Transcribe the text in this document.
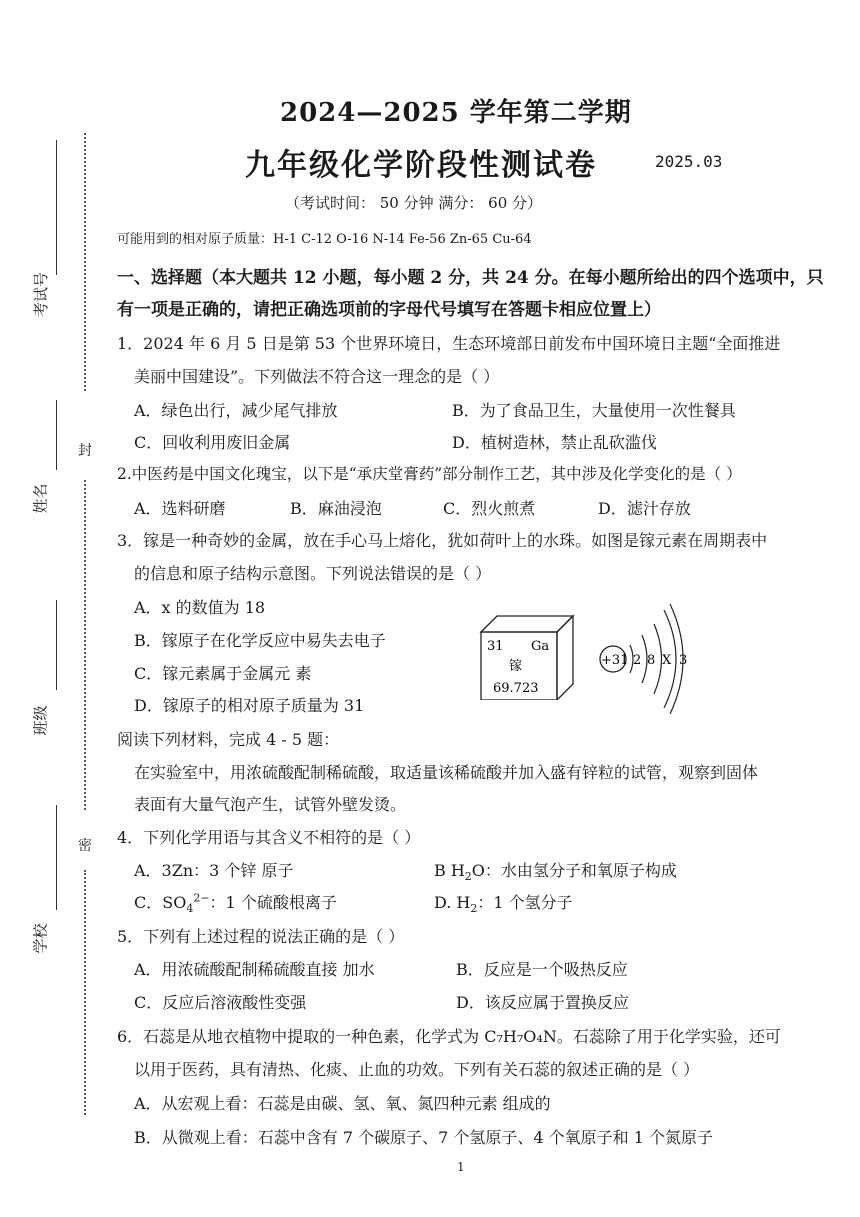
考试号
姓名
班级
学校
封
密
2024—2025 学年第二学期
九年级化学阶段性测试卷	2025.03
（考试时间： 50 分钟 满分： 60 分）
可能用到的相对原子质量：H-1 C-12 O-16 N-14 Fe-56 Zn-65 Cu-64
一、选择题（本大题共 12 小题，每小题 2 分，共 24 分。在每小题所给出的四个选项中，只
有一项是正确的，请把正确选项前的字母代号填写在答题卡相应位置上）
1．2024 年 6 月 5 日是第 53 个世界环境日，生态环境部日前发布中国环境日主题“全面推进
美丽中国建设”。下列做法不符合这一理念的是（ ）
A．绿色出行，减少尾气排放	B．为了食品卫生，大量使用一次性餐具
C．回收利用废旧金属	D．植树造林，禁止乱砍滥伐
2.中医药是中国文化瑰宝，以下是“承庆堂膏药”部分制作工艺，其中涉及化学变化的是（ ）
A．选料研磨	B．麻油浸泡	C．烈火煎煮	D．滤汁存放
3．镓是一种奇妙的金属，放在手心马上熔化，犹如荷叶上的水珠。如图是镓元素在周期表中
的信息和原子结构示意图。下列说法错误的是（ ）
A．x 的数值为 18
B．镓原子在化学反应中易失去电子
C．镓元素属于金属元 素
D．镓原子的相对原子质量为 31
31 Ga
镓
69.723
+31 2 8 X 3
阅读下列材料，完成 4 - 5 题：
在实验室中，用浓硫酸配制稀硫酸，取适量该稀硫酸并加入盛有锌粒的试管，观察到固体
表面有大量气泡产生，试管外壁发烫。
4．下列化学用语与其含义不相符的是（ ）
A．3Zn：3 个锌 原子	B $H_2O$：水由氢分子和氧原子构成
C．$SO_4^{2-}$：1 个硫酸根离子	D. $H_2$：1 个氢分子
5．下列有上述过程的说法正确的是（ ）
A．用浓硫酸配制稀硫酸直接 加水	B．反应是一个吸热反应
C．反应后溶液酸性变强	D．该反应属于置换反应
6．石蕊是从地衣植物中提取的一种色素，化学式为 C₇H₇O₄N。石蕊除了用于化学实验，还可
以用于医药，具有清热、化痰、止血的功效。下列有关石蕊的叙述正确的是（ ）
A．从宏观上看：石蕊是由碳、氢、氧、氮四种元素 组成的
B．从微观上看：石蕊中含有 7 个碳原子、7 个氢原子、4 个氧原子和 1 个氮原子
1
